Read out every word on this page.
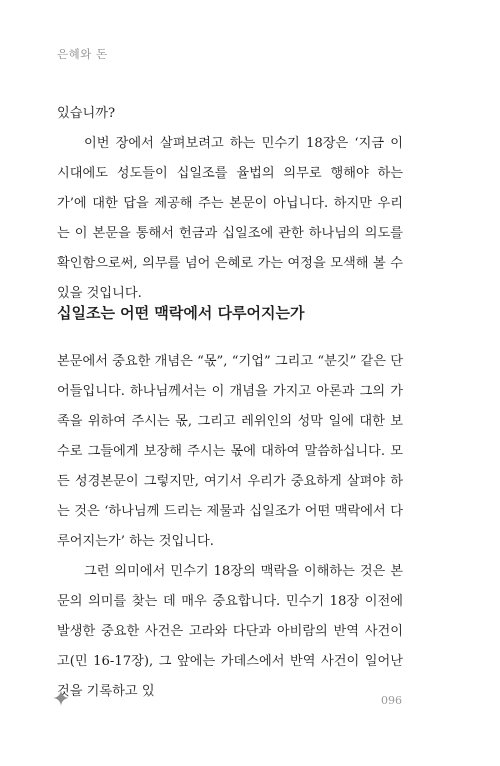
은혜와 돈

있습니까?

이번 장에서 살펴보려고 하는 민수기 18장은 ‘지금 이 시대에도 성도들이 십일조를 율법의 의무로 행해야 하는가’에 대한 답을 제공해 주는 본문이 아닙니다. 하지만 우리는 이 본문을 통해서 헌금과 십일조에 관한 하나님의 의도를 확인함으로써, 의무를 넘어 은혜로 가는 여정을 모색해 볼 수 있을 것입니다.

십일조는 어떤 맥락에서 다루어지는가

본문에서 중요한 개념은 “몫”, “기업” 그리고 “분깃” 같은 단어들입니다. 하나님께서는 이 개념을 가지고 아론과 그의 가족을 위하여 주시는 몫, 그리고 레위인의 성막 일에 대한 보수로 그들에게 보장해 주시는 몫에 대하여 말씀하십니다. 모든 성경본문이 그렇지만, 여기서 우리가 중요하게 살펴야 하는 것은 ‘하나님께 드리는 제물과 십일조가 어떤 맥락에서 다루어지는가’ 하는 것입니다.

그런 의미에서 민수기 18장의 맥락을 이해하는 것은 본문의 의미를 찾는 데 매우 중요합니다. 민수기 18장 이전에 발생한 중요한 사건은 고라와 다단과 아비람의 반역 사건이고(민 16-17장), 그 앞에는 가데스에서 반역 사건이 일어난 것을 기록하고 있

096
